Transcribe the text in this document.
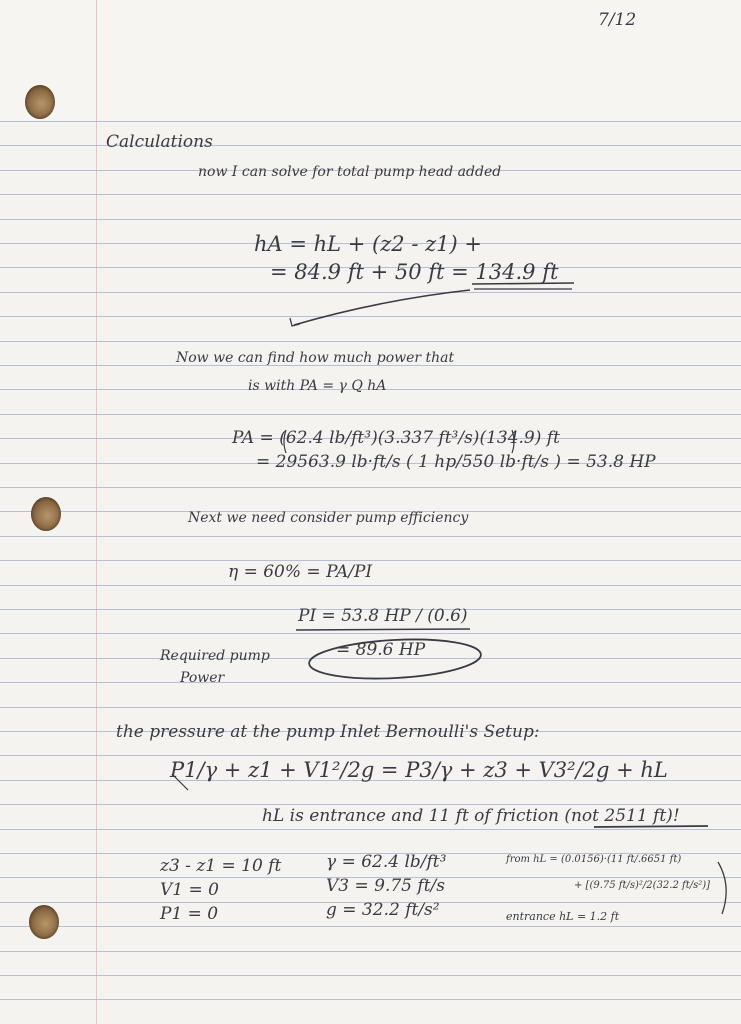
7/12
Calculations
now I can solve for total pump head added
hA = hL + (z2 - z1) +
= 84.9 ft + 50 ft = 134.9 ft
Now we can find how much power that
is with PA = γ Q hA
PA = (62.4 lb/ft³)(3.337 ft³/s)(134.9) ft
= 29563.9 lb·ft/s ( 1 hp/550 lb·ft/s ) = 53.8 HP
Next we need consider pump efficiency
η = 60% = PA/PI
PI = 53.8 HP / (0.6)
= 89.6 HP
Required pump
Power
the pressure at the pump Inlet Bernoulli's Setup:
P1/γ + z1 + V1²/2g = P3/γ + z3 + V3²/2g + hL
hL is entrance and 11 ft of friction (not 2511 ft)!
z3 - z1 = 10 ft
V1 = 0
P1 = 0
γ = 62.4 lb/ft³
V3 = 9.75 ft/s
g = 32.2 ft/s²
from hL = (0.0156)·(11 ft/.6651 ft)
+ [(9.75 ft/s)²/2(32.2 ft/s²)]
entrance hL = 1.2 ft
